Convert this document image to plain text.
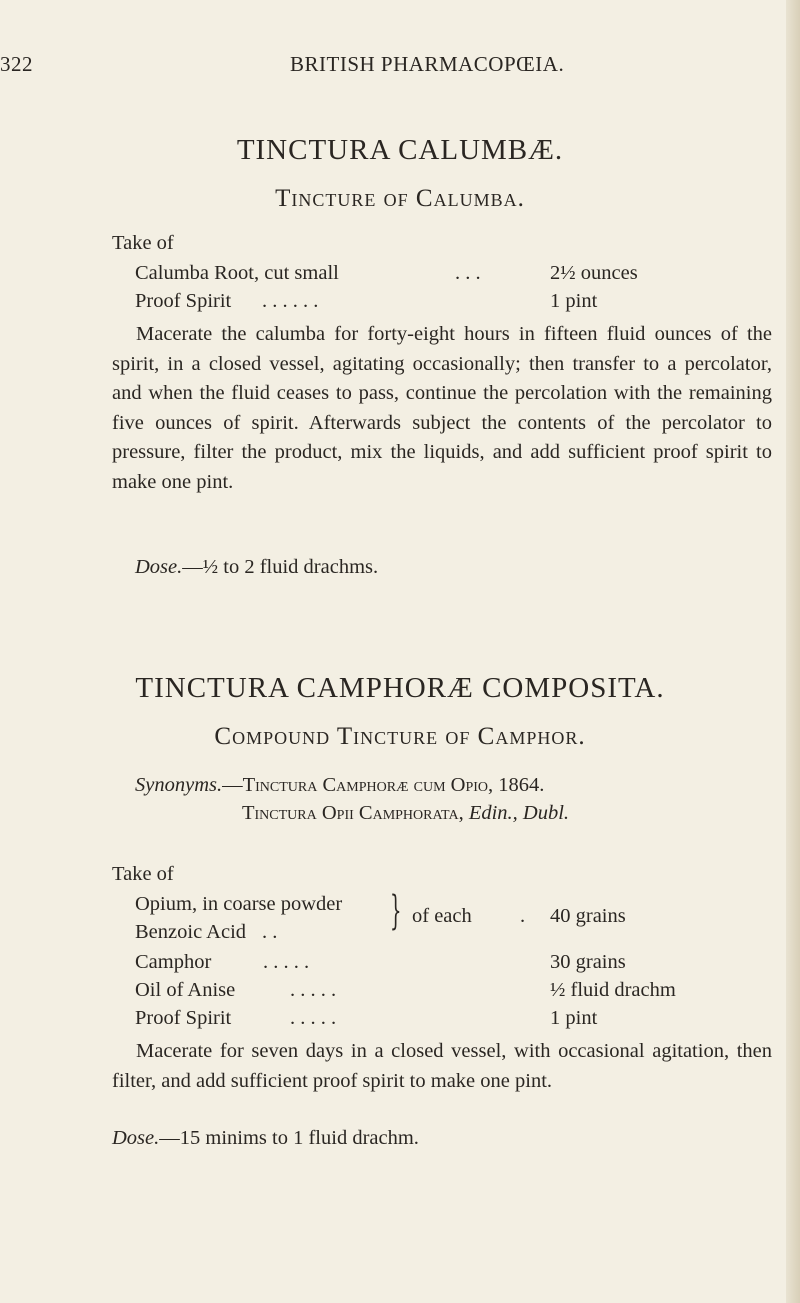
322	BRITISH PHARMACOPŒIA.
TINCTURA CALUMBÆ.
Tincture of Calumba.
Take of
Calumba Root, cut small	. . .	2½ ounces
Proof Spirit . . . . . .	1 pint
Macerate the calumba for forty-eight hours in fifteen fluid ounces of the spirit, in a closed vessel, agitating occasionally; then transfer to a percolator, and when the fluid ceases to pass, continue the percolation with the remaining five ounces of spirit. Afterwards subject the contents of the percolator to pressure, filter the product, mix the liquids, and add sufficient proof spirit to make one pint.
Dose.—½ to 2 fluid drachms.
TINCTURA CAMPHORÆ COMPOSITA.
Compound Tincture of Camphor.
Synonyms.—Tinctura Camphoræ cum Opio, 1864.
Tinctura Opii Camphorata, Edin., Dubl.
Take of
Opium, in coarse powder
Benzoic Acid . .	} of each . 40 grains
Camphor	. . . . .	30 grains
Oil of Anise	. . . . .	½ fluid drachm
Proof Spirit	. . . . .	1 pint
Macerate for seven days in a closed vessel, with occasional agitation, then filter, and add sufficient proof spirit to make one pint.
Dose.—15 minims to 1 fluid drachm.
